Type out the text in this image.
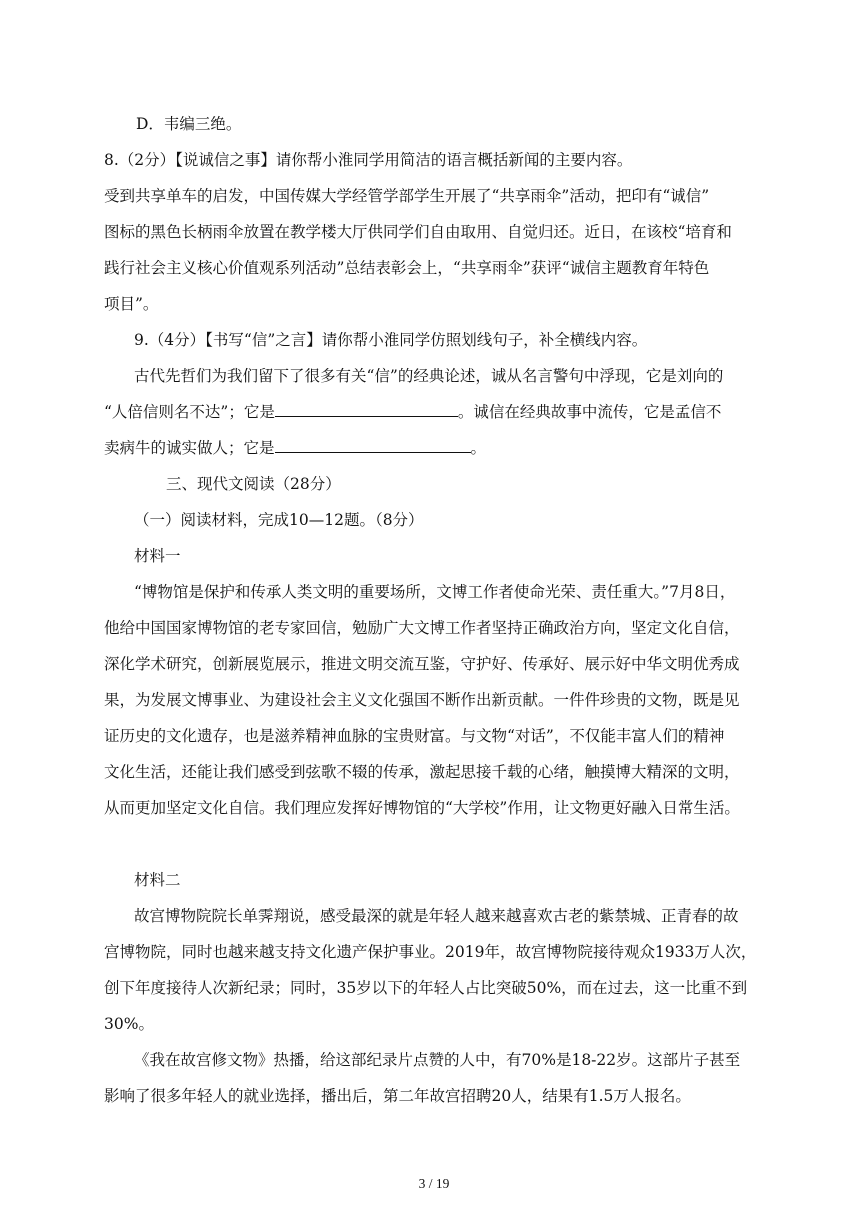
D．韦编三绝。
8.（2分）【说诚信之事】请你帮小淮同学用简洁的语言概括新闻的主要内容。
受到共享单车的启发，中国传媒大学经管学部学生开展了“共享雨伞”活动，把印有“诚信”
图标的黑色长柄雨伞放置在教学楼大厅供同学们自由取用、自觉归还。近日，在该校“培育和
践行社会主义核心价值观系列活动”总结表彰会上，“共享雨伞”获评“诚信主题教育年特色
项目”。
9.（4分）【书写“信”之言】请你帮小淮同学仿照划线句子，补全横线内容。
古代先哲们为我们留下了很多有关“信”的经典论述，诚从名言警句中浮现，它是刘向的
“人倍信则名不达”；它是	。诚信在经典故事中流传，它是孟信不
卖病牛的诚实做人；它是	。
三、现代文阅读（28分）
（一）阅读材料，完成10—12题。（8分）
材料一
“博物馆是保护和传承人类文明的重要场所，文博工作者使命光荣、责任重大。”7月8日，
他给中国国家博物馆的老专家回信，勉励广大文博工作者坚持正确政治方向，坚定文化自信，
深化学术研究，创新展览展示，推进文明交流互鉴，守护好、传承好、展示好中华文明优秀成
果，为发展文博事业、为建设社会主义文化强国不断作出新贡献。一件件珍贵的文物，既是见
证历史的文化遗存，也是滋养精神血脉的宝贵财富。与文物“对话”，不仅能丰富人们的精神
文化生活，还能让我们感受到弦歌不辍的传承，激起思接千载的心绪，触摸博大精深的文明，
从而更加坚定文化自信。我们理应发挥好博物馆的“大学校”作用，让文物更好融入日常生活。
材料二
故宫博物院院长单霁翔说，感受最深的就是年轻人越来越喜欢古老的紫禁城、正青春的故
宫博物院，同时也越来越支持文化遗产保护事业。2019年，故宫博物院接待观众1933万人次，
创下年度接待人次新纪录；同时，35岁以下的年轻人占比突破50%，而在过去，这一比重不到
30%。
《我在故宫修文物》热播，给这部纪录片点赞的人中，有70%是18-22岁。这部片子甚至
影响了很多年轻人的就业选择，播出后，第二年故宫招聘20人，结果有1.5万人报名。
3 / 19
